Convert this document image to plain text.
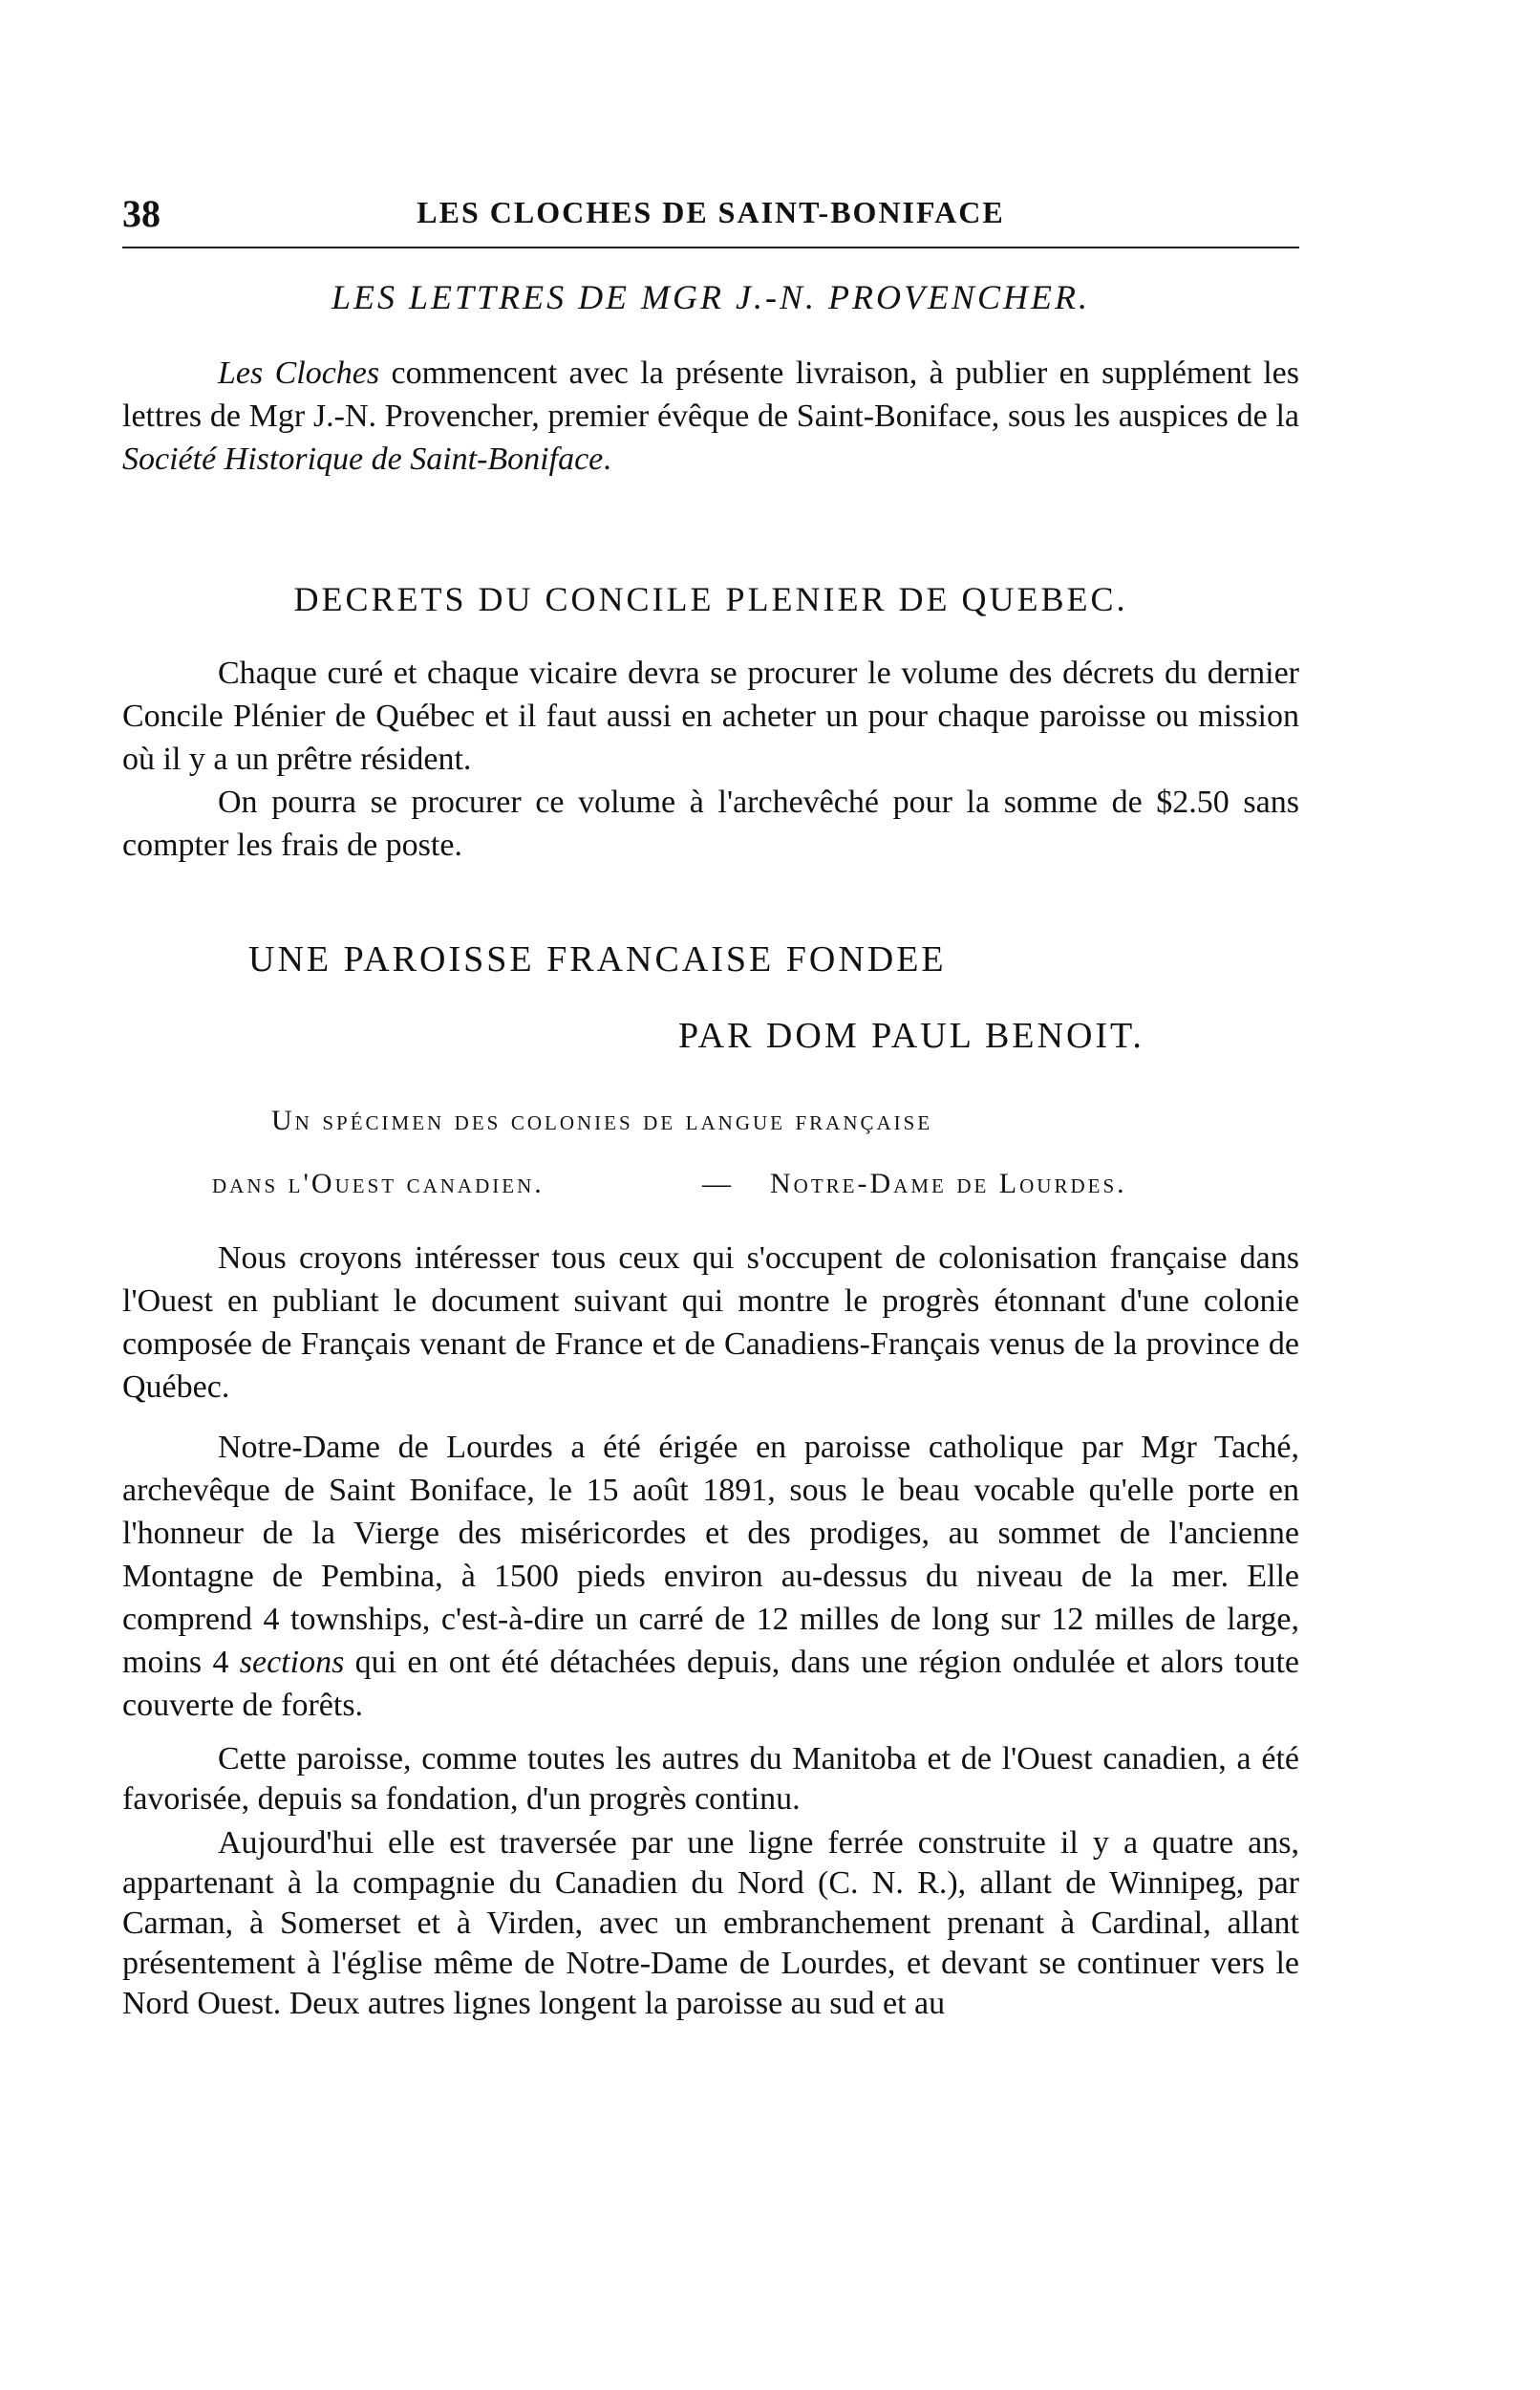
38	LES CLOCHES DE SAINT-BONIFACE
LES LETTRES DE MGR J.-N. PROVENCHER.

Les Cloches commencent avec la présente livraison, à publier en supplément les lettres de Mgr J.-N. Provencher, premier évêque de Saint-Boniface, sous les auspices de la Société Historique de Saint-Boniface.

DECRETS DU CONCILE PLENIER DE QUEBEC.

Chaque curé et chaque vicaire devra se procurer le volume des décrets du dernier Concile Plénier de Québec et il faut aussi en acheter un pour chaque paroisse ou mission où il y a un prêtre résident.

On pourra se procurer ce volume à l'archevêché pour la somme de $2.50 sans compter les frais de poste.

UNE PAROISSE FRANCAISE FONDEE
PAR DOM PAUL BENOIT.
Un spécimen des colonies de langue française
dans l'Ouest canadien.	— Notre-Dame de Lourdes.

Nous croyons intéresser tous ceux qui s'occupent de colonisation française dans l'Ouest en publiant le document suivant qui montre le progrès étonnant d'une colonie composée de Français venant de France et de Canadiens-Français venus de la province de Québec.

Notre-Dame de Lourdes a été érigée en paroisse catholique par Mgr Taché, archevêque de Saint Boniface, le 15 août 1891, sous le beau vocable qu'elle porte en l'honneur de la Vierge des miséricordes et des prodiges, au sommet de l'ancienne Montagne de Pembina, à 1500 pieds environ au-dessus du niveau de la mer. Elle comprend 4 townships, c'est-à-dire un carré de 12 milles de long sur 12 milles de large, moins 4 sections qui en ont été détachées depuis, dans une région ondulée et alors toute couverte de forêts.

Cette paroisse, comme toutes les autres du Manitoba et de l'Ouest canadien, a été favorisée, depuis sa fondation, d'un progrès continu.

Aujourd'hui elle est traversée par une ligne ferrée construite il y a quatre ans, appartenant à la compagnie du Canadien du Nord (C. N. R.), allant de Winnipeg, par Carman, à Somerset et à Virden, avec un embranchement prenant à Cardinal, allant présentement à l'église même de Notre-Dame de Lourdes, et devant se continuer vers le Nord Ouest. Deux autres lignes longent la paroisse au sud et au
